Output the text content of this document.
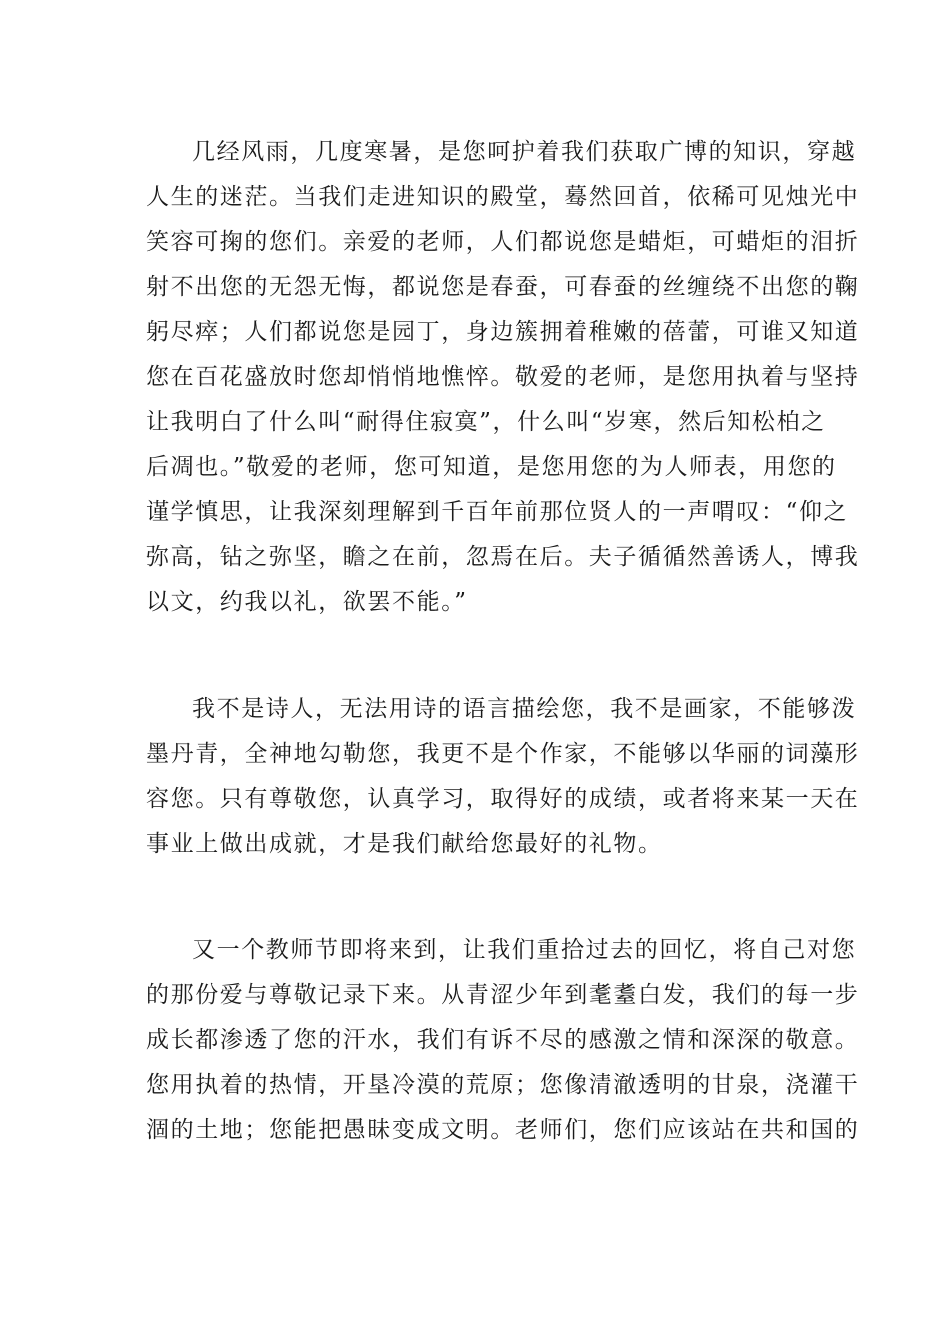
几经风雨，几度寒暑，是您呵护着我们获取广博的知识，穿越
人生的迷茫。当我们走进知识的殿堂，蓦然回首，依稀可见烛光中
笑容可掬的您们。亲爱的老师，人们都说您是蜡炬，可蜡炬的泪折
射不出您的无怨无悔，都说您是春蚕，可春蚕的丝缠绕不出您的鞠
躬尽瘁；人们都说您是园丁，身边簇拥着稚嫩的蓓蕾，可谁又知道
您在百花盛放时您却悄悄地憔悴。敬爱的老师，是您用执着与坚持
让我明白了什么叫“耐得住寂寞”，什么叫“岁寒，然后知松柏之
后凋也。”敬爱的老师，您可知道，是您用您的为人师表，用您的
谨学慎思，让我深刻理解到千百年前那位贤人的一声喟叹：“仰之
弥高，钻之弥坚，瞻之在前，忽焉在后。夫子循循然善诱人，博我
以文，约我以礼，欲罢不能。”
我不是诗人，无法用诗的语言描绘您，我不是画家，不能够泼
墨丹青，全神地勾勒您，我更不是个作家，不能够以华丽的词藻形
容您。只有尊敬您，认真学习，取得好的成绩，或者将来某一天在
事业上做出成就，才是我们献给您最好的礼物。
又一个教师节即将来到，让我们重拾过去的回忆，将自己对您
的那份爱与尊敬记录下来。从青涩少年到耄耋白发，我们的每一步
成长都渗透了您的汗水，我们有诉不尽的感激之情和深深的敬意。
您用执着的热情，开垦冷漠的荒原；您像清澈透明的甘泉，浇灌干
涸的土地；您能把愚昧变成文明。老师们，您们应该站在共和国的
